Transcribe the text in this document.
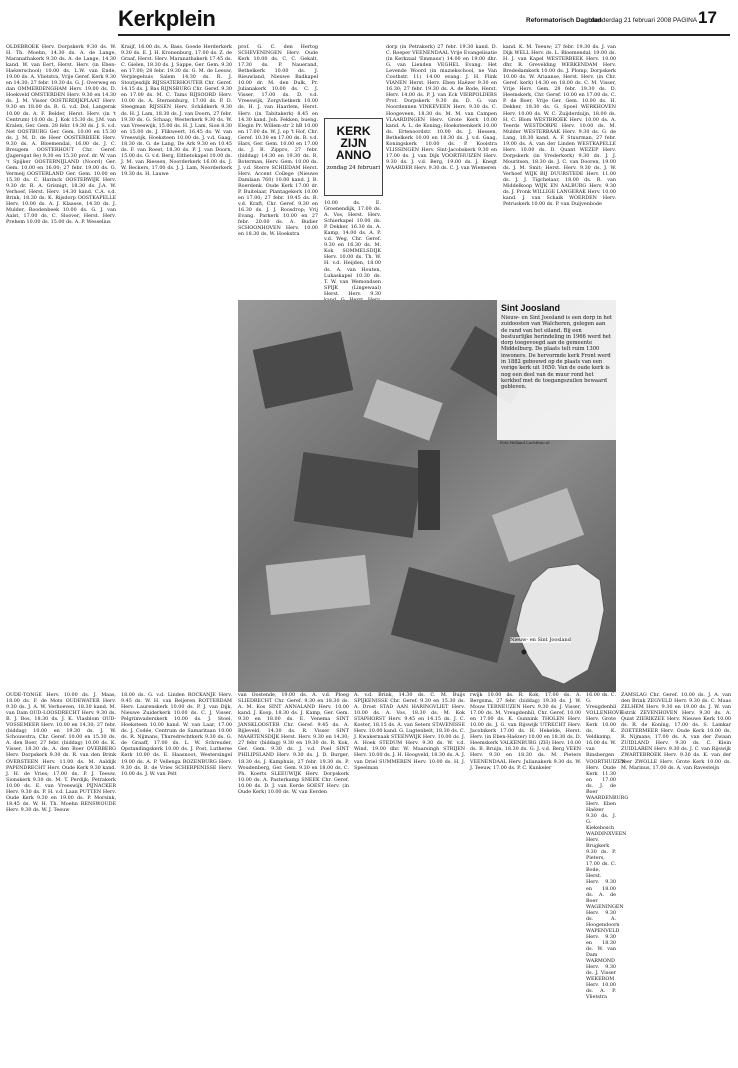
Kerkplein	Reformatorisch Dagblad
donderdag 21 februari 2008 PAGINA 17

OLDEBROEK Herv. Dorpskerk 9.30 ds. W. H. Th. Moehn, 14.30 ds. A. de Lange, Maranathakerk 9.30 ds. A. de Lange, 14.30 kand. W. van Eert, Herst. Herv. (in Eben-Haëzerschool) 10.00 ds. L.W. van Ende, 19.00 ds. A. Vlietstra, Vrije Geref. Kerk 9.30 en 14.30; 27 febr. 19.30 ds. G. J. Overweg en dan OMMERDENGHAM Herv. 19.00 ds. D. Hoekveld OMSTERDEN Herv. 9.30 en 14.30 ds. J. M. Visser OOSTERDIJKPLAAT Herv. 9.30 en 18.00 ds. R. G. v.d. Dol, Langerak 10.00 ds. A. F. Belder, Herst. Herv. (in 't Centrum) 10.00 ds. J. Kok 15.30 ds. J.M. van Kralen, Ger. Gem. 28 febr. 19.30 ds. J. S. v.d. Net OOSTBURG Ger. Gem. 10.00 en 15.30 ds. J. M. D. de Heer OOSTERBEEK Herv. 9.30 ds. A. Bloemendal, 16.00 ds. J. C. Breugem OOSTERHOUT Chr. Geref. (Jagersgat 8e) 9.30 en 15.30 prof. dr. W. van 't Spijker OOSTERNIJLAND (Noord) Ger. Gem. 10.00 en 16.00; 27 febr. 19.00 ds. G. Vermeij OOSTERLAND Ger. Gem. 10.00 en 15.30 ds. C. Harinck OOSTERWIJK Herv. 9.30 dr. R. A. Grisnigt, 18.30 ds. J.A. W. Verhoef, Herst. Herv. 14.30 kand. C.A. v.d. Brink, 18.30 ds. K. Rijsdorp OOSTKAPELLE Herv. 10.00 ds. A. J. Klaasse, 14.30 ds. J. Mulder, Roodenbeek 10.00 ds. G. J. van Aalst, 17.00 ds. C. Sloover, Herst. Herv. Prehem 10.00 ds. 15.00 ds. A. P. Wesselius

Kraijf, 16.00 ds. A. Bass. Goede Herderkerk 9.30 ds. E. J. H. Kronenburg, 17.00 ds. Z. de Graaf, Herst. Herv. Maranathakerk 17.45 ds. C. Gielen, 18.30 ds. J. Sappe, Ger. Gem. 9.30 en 17.00; 28 febr. 19.30 ds. G. M. de Leeuw, Verplegehuis Salem 14.30 ds. R. J. Stoutjesdijk RIJSSATERHOUTER Chr. Geref. 14.15 ds. J. Bas RIJNSBURG Chr. Geref. 9.30 en 17.00 ds. M. C. Tams RIJSOORD Herv. 10.00 ds. A. Sternenburg, 17.00 ds. P. D. Steegman RIJSSEN Herv. Schildkerk 9.30 ds. H. J. Lam, 18.30 ds. J. van Doorn, 27 febr. 19.30 ds. G. Schaap, Westerkerk 9.30 ds. W. van Vreeswijk, 15.00 ds. H. J. Lam, Sion 8.30 en 15.00 ds. J. Flikweert, 16.45 ds. W. van Vreeswijk, Hoeksteen 10.00 ds. J. v.d. Gaag, 18.30 ds. G. de Lang, De Ark 9.30 en 10.45 ds. F. van Roest, 18.30 ds. P. J. van Doorn, 15.00 ds. G. v.d. Berg, Elthetokapel 10.00 ds. J. M. van Riessen, Noorderkerk 16.00 ds. J. W. Beckers, 17.00 ds. J. J. Lam, Noorderkerk 19.30 ds. H. Lauwe

prof. G. C. den Hertog SCHEVENINGEN Herv. Oude Kerk 10.00 ds. C. C. Gekalt, 17.30 ds. P. Nauerand, Bethelkerk 10.00 ds. J. Rieuwland, Nieuwe Badkapel 10.00 dr. M. den Dulk, Pr. Julianakerk 10.00 ds. C. J. Visser, 17.00 ds. D. v.d. Vreeswijk, Zorgvlietkerk 10.00 ds. H. J. van Haarlem, Herst. Herv. (in Tabitakerk) 8.45 en 14.30 kand. Joh. Fekken, bueng. Elegin Pr. Willem-str 2 hB 10.00 en 17.00 ds. W. J. op 't Hof, Chr. Geref. 10.30 en 17.00 ds. R. v.d. Hars, Ger. Gem. 10.00 en 17.00 ds. J. B. Zippro, 27 febr. (biddag) 14.30 en 19.30 ds. R. Boterman, Herv. Gem. 10.00 ds. J. v.d. Sterre SCHIEDAM Herst. Herv. Accent College (Nieuwe Damlaan 760) 10.00 kand. J. B. Roerdenk. Oude Kerk 17.00 dr. P. Buitelaar, Plantagekerk 10.00 en 17.00; 27 febr. 19.45 ds. B. v.d. Kraft, Chr. Geref. 9.30 en 16.30 ds. J. J. Roosdrop; Vrij Evang. Parkerk 10.00 en 27 febr. 20.00 ds. A. Budier SCHOONHOVEN Herv. 10.00 en 18.30 ds. W. Hoekstra

10.00 ds. E. Groenendijk, 17.00 ds. A. Vos, Herst. Herv. Schierkapel 10.00 ds. P. Dekker, 16.30 ds. A. Kamp, 14.00 ds. A. P. v.d. Weg, Chr. Geref. 9.30 en 16.30 ds. M. Kok SOMMELSDIJK Herv. 10.00 ds. Th. W. H. v.d. Heijden, 18.00 ds. A. van Houten, Lukaskapel 10.30 ds. T. W. van Wemondsen SPIJK (Lingewaal) Herst. Herv. 9.30

dorp (in Petrakerk) 27 febr. 19.30 kand. D. C. Roeper VEENENDAAL Vrije Evangelisatie (in Kerkzaal 'Emmaus') 14.00 en 19.00 dhr. G. van Lienden VEGHEL Evang. Het Levende Woord (in muziekschool, ne Van Coothstr. 11) 14.00 evang. J. H. Flink VIANEN Herst. Herv. Eben Haëzer 9.30 en 16.30; 27 febr. 19.30 ds. A. de Bode, Herst. Herv. 14.00 ds. P. J. van Eck VIERPOLDERS Prot. Dorpskerk 9.30 ds. D. G. van Noordennen VINKEVEEN Herv. 9.30 ds. C. Hoogeveen, 18.30 ds. M. M. van Campen VLAARDINGEN Herv. Grote Kerk 10.00 kand. A. L. de Koning; Hoeksteenkerk 10.00 ds. Ertenoordstr. 10.00 ds. J. Hessen, Bethelkerk 10.00 en 18.30 ds. J. v.d. Gaag, Koningskerk 10.00 ds. P. Koolstra VLISSINGEN Herv. Sint-Jacobskerk 9.30 en 17.00 ds. J. van Dijk VOORTHUIZEN Herv. 9.30 ds. J. v.d. Berg, 19.00 ds. J. Knegt WAARDER Herv. 9.30 ds. C. J. van Wiemeren

kand. K. M. Teeuw; 27 febr. 19.30 ds. J. van Dijk WELL Herv. ds. L. Bloemendal, 19.00 ds. H. J. van Kapel WESTERBEEK Herv. 10.00 dhr. R. Grevelding WERKENDAM Herv. Brededamkerk 10.00 ds. J. Plomp, Dorpskerk 10.00 ds. W. Ariaanse, Herst. Herv. (in Chr. Geref. kerk) 14.30 en 18.00 ds. C. M. Visser, Vrije Herv. Gem. 28 febr. 19.30 ds. D. Heemskerk, Chr. Geref. 10.00 en 17.00 ds. C. P. de Boer, Vrije Ger. Gem. 10.00 ds. H. Dekker, 18.30 ds. G. Spoel WERKHOVEN Herv. 10.00 ds. W. C. Zuijderduijn, 18.00 ds. H. C. Blom WESTBROEK Herv. 10.00 ds. A. Teerds WESTDORPE Herv. 10.00 ds. M. Mulder WESTERBAAK Herv. 9.30 ds. G. de Lang, 18.30 kand. A. F. Stuurman, 27 febr. 19.00 ds. A. van der Linden WESTKAPELLE Herv. 10.00 ds. D. Quant WEZEP Herv. Dorpskerk (in Vrederkerk) 9.30 ds. J. J. Mouritsen, 18.30 ds. J. C. van Dooren, 19.00 ds. J. M. Smit; Herst. Herv. 9.30 ds. J. W. Verhoef WIJK BIJ DUURSTEDE Herv. 11.00 ds. J. J. Tigchelaar, 18.00 ds. R. van Middelkoop WIJK EN AALBURG Herv. 9.30 ds. J. Pronk WILLIGE LANGERAK Herv. 10.00 kand. J. van Schaik WOERDEN Herv. Petruskerk 10.00 ds. P. van Duijvenbode

KERK ZIJN ANNO
zondag 24 februari
Foto Holland Luchtfoto nl
Sint Joosland

Nieuw- en Sint Joosland is een dorp in het zuidoosten van Walcheren, gelegen aan de rand van het eiland. Bij een bestuurlijke herindeling in 1966 werd het dorp toegevoegd aan de gemeente Middelburg. De plaats telt ruim 1300 inwoners. De hervormde kerk Front werd in 1882 gebouwd op de plaats van een vorige kerk uit 1650. Van de oude kerk is nog een deel van de muur rond het kerkhof met de toegangszuilen bewaard gebleven.

Nieuw- en Sint Joosland

OUDE-TONGE Herv. 10.00 ds. J. Maas, 18.00 ds. F. de Mots OUDEWATER Herv. 9.30 ds. J. A. W. Verhoeven, 18.30 kand. M. van Dam OUD-LOOSDRECHT Herv. 9.30 ds. B. J. Bos, 18.30 ds. J. K. Vlasblom OUD-VOSSEMEER Herv. 10.00 en 14.30; 27 febr. (biddag) 10.00 en 19.30 ds. J. W. Schouwstra, Chr. Geref. 10.00 en 15.30 ds. A. den Boer, 27 febr. (biddag) 10.00 ds. K. Visser, 18.30 ds. A. den Boer OVERBERG Herv. Dorpskerk 9.30 ds. R. van den Brink OVERSTEEN Herv. 11.00 ds. M. Aaldijk PAPENDRECHT Herv. Oude Kerk 9.30 kand. J. H. de Vries; 17.00 ds. P. J. Teeuw, Sionskerk 9.30 ds. M. T. Perdijk; Petrakerk 10.00 ds. E. van Vreeswijk PIJNACKER Herv. 9.30 ds. P. H. v.d. Laan PUTTEN Herv. Oude Kerk 9.30 en 19.00 ds. P. Morsink, 18.45 ds. W. H. Th. Moehn RENSWOUDE Herv. 9.30 ds. W. J. Teeuw

18.00 ds. G. v.d. Linden ROCKANJE Herv. 9.45 ds. W. H. van Beijeren ROTTERDAM Herv. Laurenskerk 10.00 ds. P. J. van Dijk, Nieuwe Zuiderkerk 10.00 ds. C. J. Visser, Pelgrimvaderskerk 10.00 ds. J. Stoel, Hoeksteen 10.00 kand. W. van Laar, 17.00 ds. J. Codée, Centrum de Samaritaan 10.00 ds. R. Nijmans, Thuredrechtkerk 9.30 ds. G. de Graaff, 17.00 ds. L. W. Schreuder, Opstandingskerk 10.00 ds. J. Post, Lutherse Kerk 10.00 ds. E. Haasnoot, Westersingel 19.00 ds. A. P. Vellenga ROZENBURG Herv. 9.30 ds. B. de Vries SCHERPENISSE Herv. 10.00 ds. J. W. van Pelt

van Oostende, 19.00 ds. A. v.d. Ploeg SLIEDRECHT Chr. Geref. 9.30 en 18.30 ds. A. M. Kos SINT ANNALAND Herv. 10.00 kand. J. Koop, 18.30 ds. J. Kamp, Ger. Gem. 9.30 en 18.00 ds. E. Venema SINT JANSKLOOSTER Chr. Geref. 9.45 ds. A. Bijleveld, 14.30 ds. R. Visser SINT MAARTENSDIJK Herst. Herv. 9.30 en 14.30; 27 febr. (biddag) 9.30 en 19.30 ds. R. Kok, Ger. Gem. 9.30 ds. J. v.d. Poel SINT PHILIPSLAND Herv. 9.30 ds. J. D. Burger, 18.30 ds. J. Kamphuis, 27 febr. 19.30 ds. P. Woudenberg, Ger. Gem. 9.30 en 18.00 ds. C. Ph. Koerts SLEEUWIJK Herv. Dorpskerk 10.00 ds. A. Pasterkamp SNEEK Chr. Geref. 10.00 ds. D. J. van Eerde SOEST Herv. (in Oude Kerk) 10.00 ds. W. van Eerden

A. v.d. Brink, 14.30 ds. C. M. Buijs SPIJKENISSE Chr. Geref. 9.30 en 15.30 ds. A. Drost STAD AAN HARINGVLIET Herv. 10.00 ds. A. Vos, 18.30 ds. M. Kok STAPHORST Herv. 9.45 en 14.15 ds. J. C. Koster, 18.15 ds. A. van Seters STAVENISSE Herv. 10.00 kand. G. Lugtenbelt, 18.30 ds. C. J. Kwakernaak STEENWIJK Herv. 10.00 ds. J. A. Hoek STEDUM Herv. 9.30 ds. W. v.d. Wind, 19.00 dhr. W. Maarsingh STRIJEN Herv. 10.00 ds. J. H. Hoogveld, 18.30 ds. A. J. van Driel SUMMEREN Herv. 10.00 ds. H. J. Speelman

rwijk 10.00 ds. R. Kok, 17.00 ds. A. Bergsma, 27 febr. (biddag) 19.30 ds. J. W. Mouw TERNEUZEN Herv. 9.30 ds. J. Visser, 17.00 ds. M. Vreugdenhil, Chr. Geref. 10.00 en 17.00 ds. K. Gunnink THOLEN Herv. 10.00 ds. J. G. van Rijswijk UTRECHT Herv. Jacobikerk 17.00 ds. H. Hekelde, Herst. Herv. (in Eben-Haëzer) 10.00 en 18.30 ds. D. Heemskerk VALKENBURG (ZH) Herv. 10.00 ds. B. Bruijn, 18.30 ds. G. J. v.d. Berg VEEN Herv. 9.30 en 18.30 ds. M. Pieters VEENENDAAL Herv. Julianakerk 9.30 ds. W. J. Teeuw, 17.00 ds. P. C. Kunkeler

16.00 ds. C. G. Vreugdenhil VOLLENHOVE Herv. Grote Kerk 10.00 ds. K. Veldkamp, 16.00 ds. W. van Binsbergen VOORTHUIZEN Herv. Oude Kerk 11.30 en 17.00 ds. J. de Boer WAARDENBURG Herv. Eben Haëzer 9.30 ds. J. G. Kiekebosch WADDINXVEEN Herv. Brugkerk 9.30 ds. P. Pieters, 17.00 ds. C. Bode, Herst. Herv. 9.30 en 18.00 ds. A. de Boer WAGENINGEN Herv. 9.30 ds. A. Hoogendoorn WAPENVELD Herv. 9.30 en 18.30 ds. W. van Dam WARMOND Herv. 9.30 ds. J. Visser WEKEROM Herv. 10.00 ds. A. P. Vlietstra

ZAMSLAG Chr. Geref. 10.00 ds. J. A. van den Brink ZEGVELD Herv. 9.30 ds. C. Maas ZELHEM Herv. 9.30 en 19.00 ds. J. W. van Estrik ZEVENHOVEN Herv. 9.30 ds. A. Quist ZIERIKZEE Herv. Nieuwe Kerk 10.00 ds. R. de Koning, 17.00 ds. S. Lamkar ZOETERMEER Herv. Oude Kerk 10.00 ds. R. Nijmans, 17.00 ds. A. van der Zwaan ZUIDLAND Herv. 9.30 ds. C. Klein ZUIDLAREN Herv. 9.30 ds. J. C. van Rijswijk ZWARTEBROEK Herv. 9.30 ds. K. van der Veer ZWOLLE Herv. Grote Kerk 10.00 ds. M. Marinus, 17.00 ds. A. van Ravesteijn
